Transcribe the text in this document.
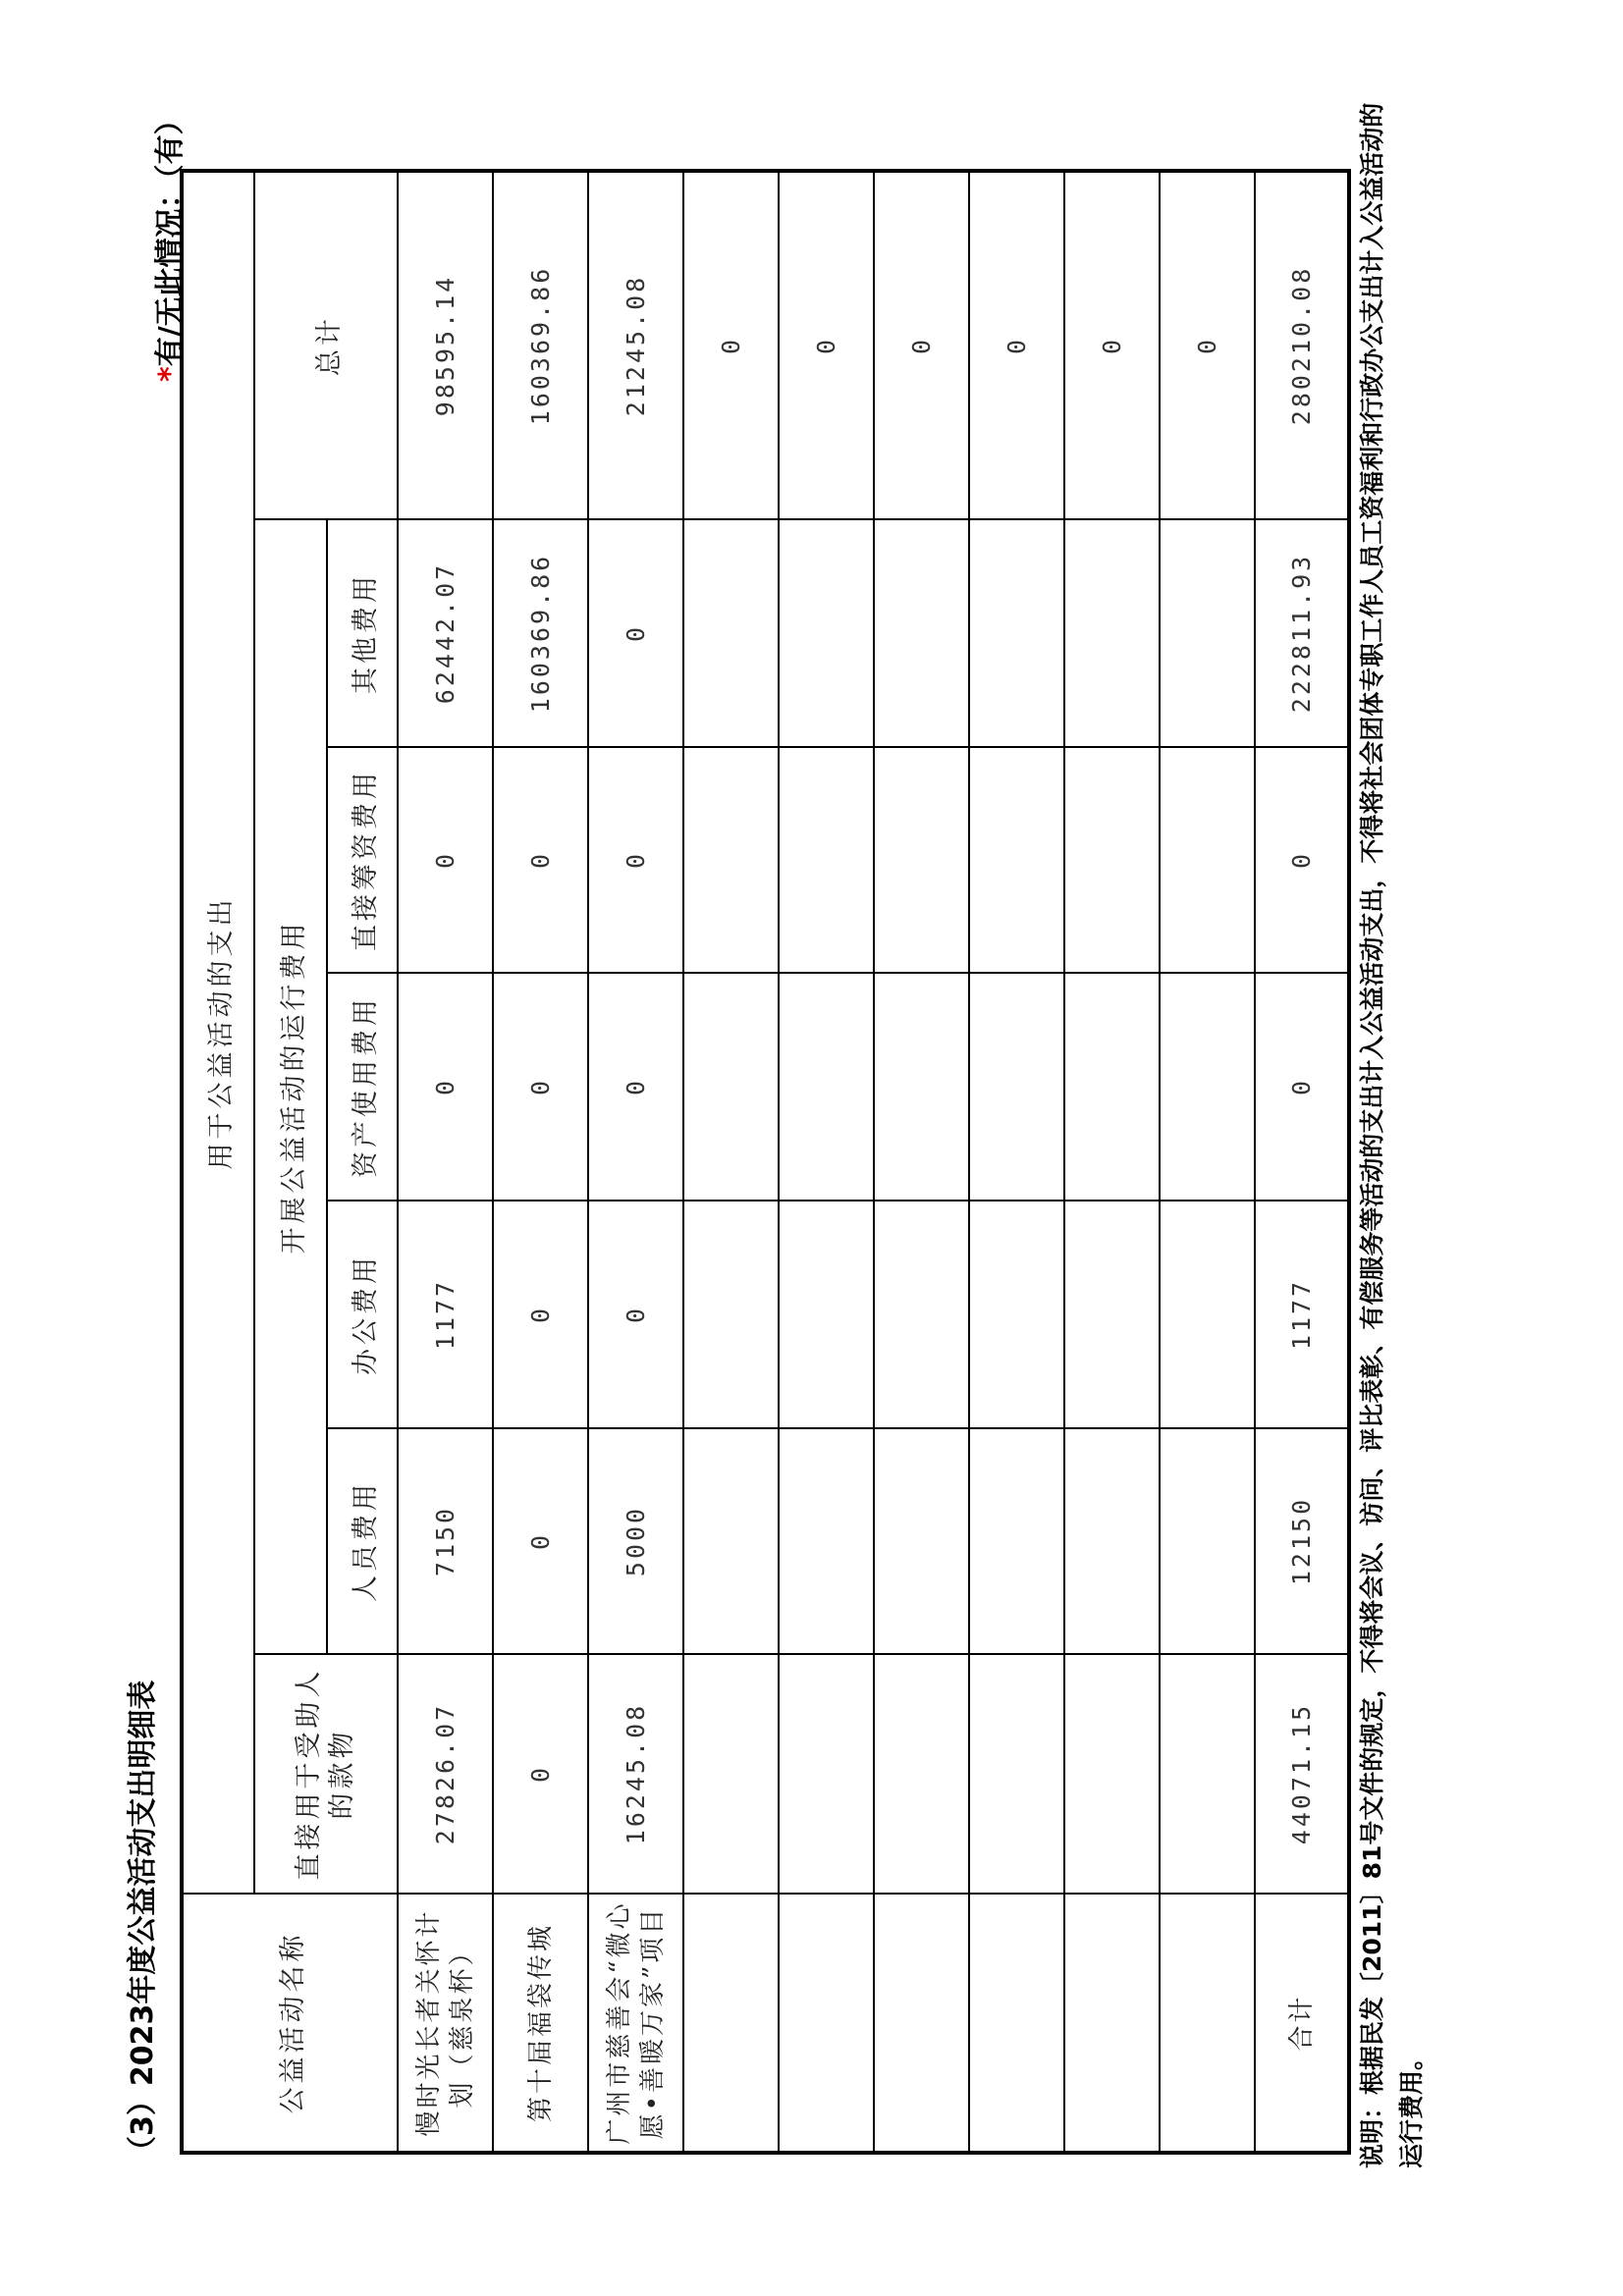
（3）2023年度公益活动支出明细表
*有/无此情况：（有）
公益活动名称	用于公益活动的支出						
	直接用于受助人的款物	开展公益活动的运行费用					总计
		人员费用	办公费用	资产使用费用	直接筹资费用	其他费用	
慢时光长者关怀计划（慈泉杯）	27826.07	7150	1177	0	0	62442.07	98595.14
第十届福袋传城	0	0	0	0	0	160369.86	160369.86
广州市慈善会“微心愿•善暖万家”项目	16245.08	5000	0	0	0	0	21245.08
							0
							0
							0
							0
							0
							0
合计	44071.15	12150	1177	0	0	222811.93	280210.08 说明：根据民发〔2011〕81号文件的规定，不得将会议、访问、评比表彰、有偿服务等活动的支出计入公益活动支出，不得将社会团体专职工作人员工资福利和行政办公支出计入公益活动的运行费用。
